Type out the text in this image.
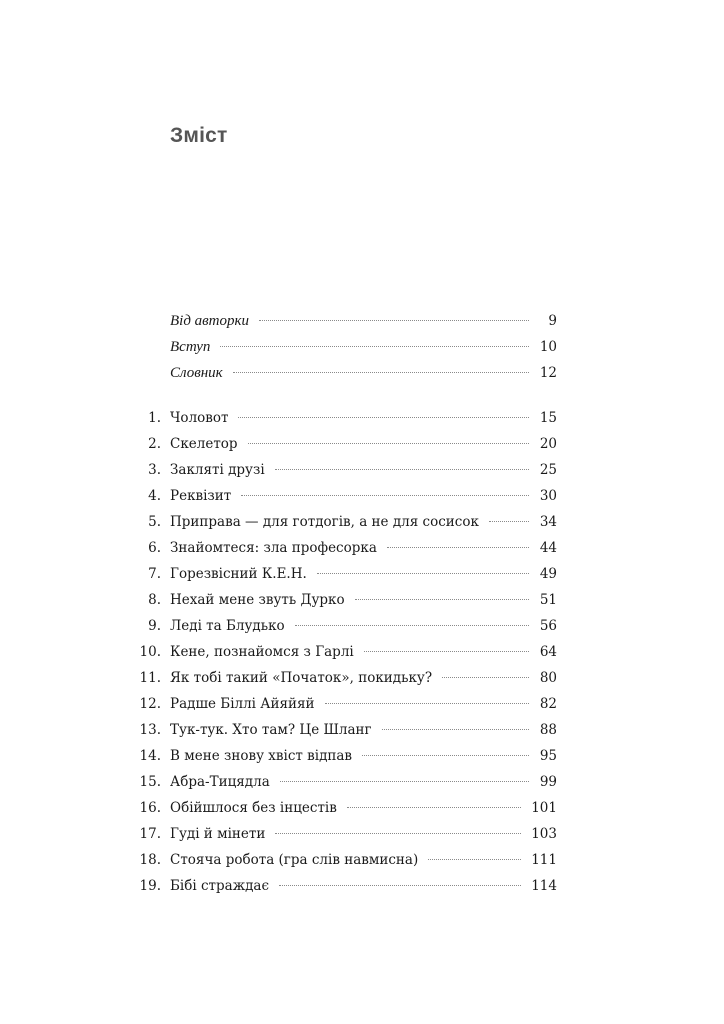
Зміст
Від авторки	9
Вступ	10
Словник	12
1. Чоловот	15
2. Скелетор	20
3. Закляті друзі	25
4. Реквізит	30
5. Приправа — для готдогів, а не для сосисок	34
6. Знайомтеся: зла професорка	44
7. Горезвісний К.Е.Н.	49
8. Нехай мене звуть Дурко	51
9. Леді та Блудько	56
10. Кене, познайомся з Гарлі	64
11. Як тобі такий «Початок», покидьку?	80
12. Радше Біллі Айяйяй	82
13. Тук-тук. Хто там? Це Шланг	88
14. В мене знову хвіст відпав	95
15. Абра-Тицядла	99
16. Обійшлося без інцестів	101
17. Гуді й мінети	103
18. Стояча робота (гра слів навмисна)	111
19. Бібі страждає	114
